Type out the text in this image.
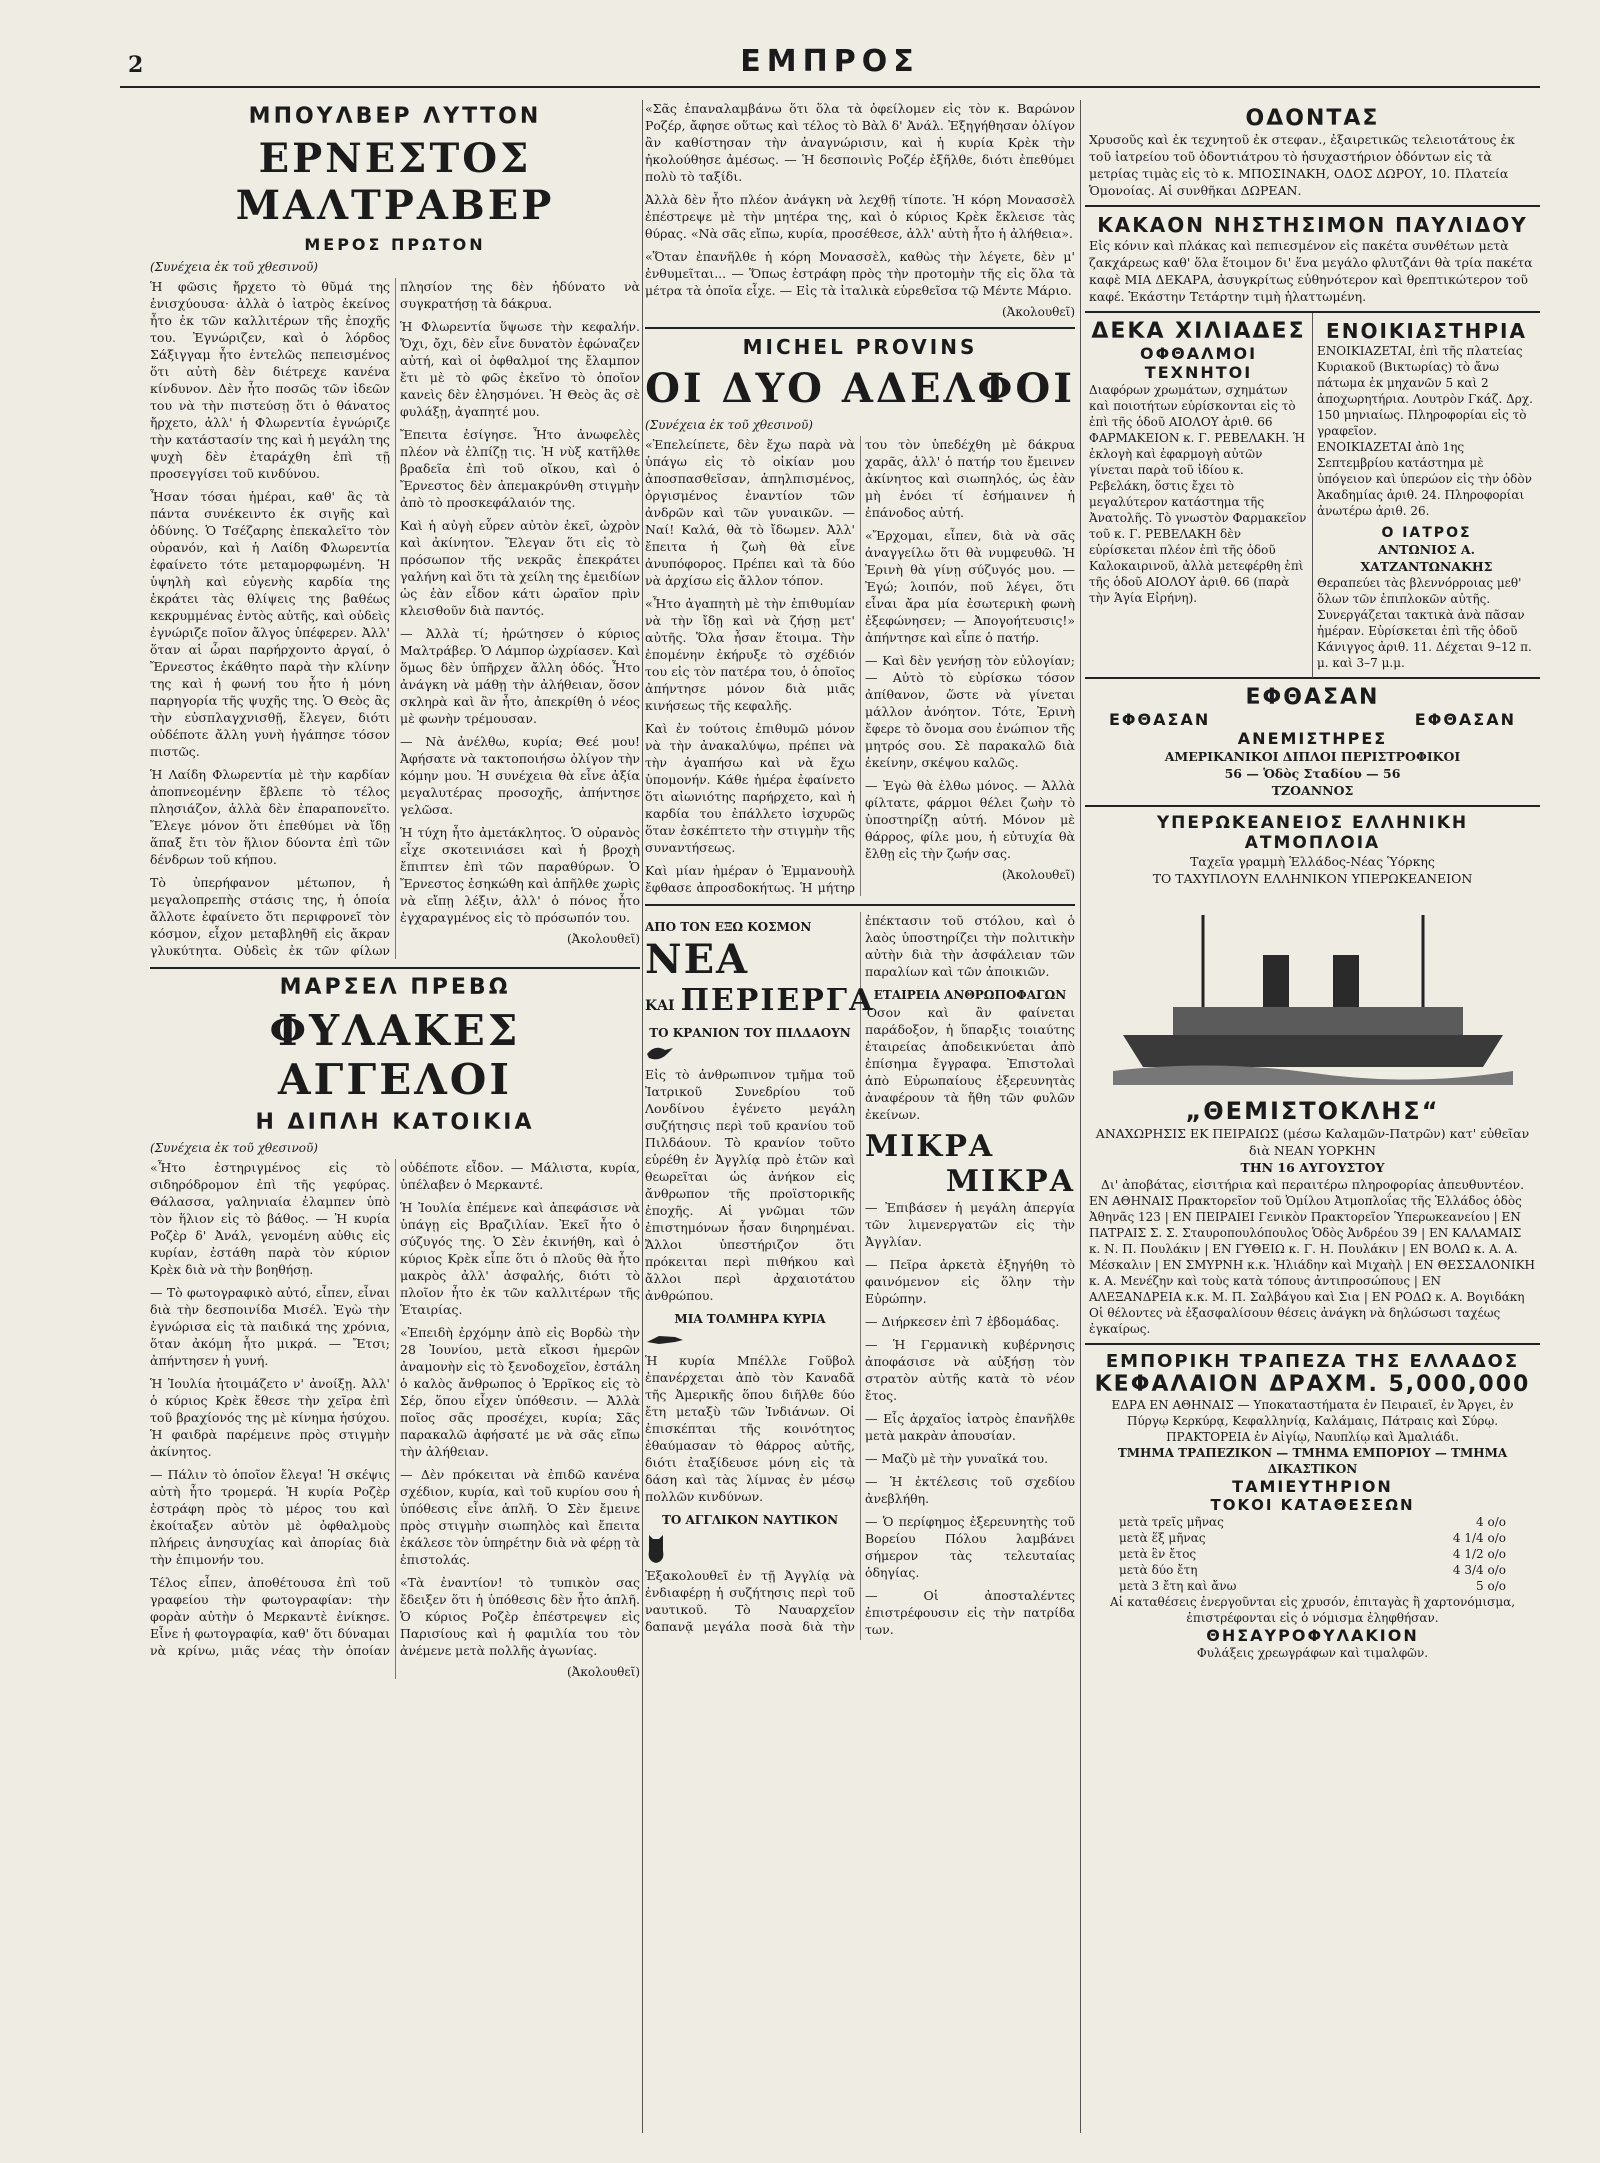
2	ΕΜΠΡΟΣ
ΜΠΟΥΛΒΕΡ ΛΥΤΤΟΝ
ΕΡΝΕΣΤΟΣ ΜΑΛΤΡΑΒΕΡ
ΜΕΡΟΣ ΠΡΩΤΟΝ

(Συνέχεια ἐκ τοῦ χθεσινοῦ)

Ἡ φῶσις ἤρχετο τὸ θῦμά της ἐνισχύουσα· ἀλλὰ ὁ ἰατρὸς ἐκείνος ἦτο ἐκ τῶν καλλιτέρων τῆς ἐποχῆς του. Ἐγνώριζεν, καὶ ὁ λόρδος Σάξιγγαμ ἦτο ἐντελῶς πεπεισμένος ὅτι αὐτὴ δὲν διέτρεχε κανένα κίνδυνον. Δὲν ἦτο ποσῶς τῶν ἰδεῶν του νὰ τὴν πιστεύσῃ ὅτι ὁ θάνατος ἤρχετο, ἀλλ' ἡ Φλωρεντία ἐγνώριζε τὴν κατάστασίν της καὶ ἡ μεγάλη της ψυχὴ δὲν ἐταράχθη ἐπὶ τῇ προσεγγίσει τοῦ κινδύνου.

Ἦσαν τόσαι ἡμέραι, καθ' ἃς τὰ πάντα συνέκειντο ἐκ σιγῆς καὶ ὀδύνης. Ὁ Τσέζαρης ἐπεκαλεῖτο τὸν οὐρανόν, καὶ ἡ Λαίδη Φλωρεντία ἐφαίνετο τότε μεταμορφωμένη. Ἡ ὑψηλὴ καὶ εὐγενὴς καρδία της ἐκράτει τὰς θλίψεις της βαθέως κεκρυμμένας ἐντὸς αὐτῆς, καὶ οὐδεὶς ἐγνώριζε ποῖον ἄλγος ὑπέφερεν. Ἀλλ' ὅταν αἱ ὧραι παρήρχοντο ἀργαί, ὁ Ἔρνεστος ἐκάθητο παρὰ τὴν κλίνην της καὶ ἡ φωνή του ἦτο ἡ μόνη παρηγορία τῆς ψυχῆς της. Ὁ Θεὸς ἂς τὴν εὐσπλαγχνισθῇ, ἔλεγεν, διότι οὐδέποτε ἄλλη γυνὴ ἠγάπησε τόσον πιστῶς.

Ἡ Λαίδη Φλωρεντία μὲ τὴν καρδίαν ἀποπνεομένην ἔβλεπε τὸ τέλος πλησιάζον, ἀλλὰ δὲν ἐπαραπονεῖτο. Ἔλεγε μόνον ὅτι ἐπεθύμει νὰ ἴδῃ ἅπαξ ἔτι τὸν ἥλιον δύοντα ἐπὶ τῶν δένδρων τοῦ κήπου.

Τὸ ὑπερήφανον μέτωπον, ἡ μεγαλοπρεπὴς στάσις της, ἡ ὁποία ἄλλοτε ἐφαίνετο ὅτι περιφρονεῖ τὸν κόσμον, εἶχον μεταβληθῆ εἰς ἄκραν γλυκύτητα. Οὐδεὶς ἐκ τῶν φίλων πλησίον της δὲν ἠδύνατο νὰ συγκρατήσῃ τὰ δάκρυα.

Ἡ Φλωρεντία ὕψωσε τὴν κεφαλήν. Ὄχι, ὄχι, δὲν εἶνε δυνατὸν ἐφώναζεν αὐτή, καὶ οἱ ὀφθαλμοί της ἔλαμπον ἔτι μὲ τὸ φῶς ἐκεῖνο τὸ ὁποῖον κανεὶς δὲν ἐλησμόνει. Ἡ Θεὸς ἂς σὲ φυλάξῃ, ἀγαπητέ μου.

Ἔπειτα ἐσίγησε. Ἦτο ἀνωφελὲς πλέον νὰ ἐλπίζῃ τις. Ἡ νὺξ κατῆλθε βραδεῖα ἐπὶ τοῦ οἴκου, καὶ ὁ Ἔρνεστος δὲν ἀπεμακρύνθη στιγμὴν ἀπὸ τὸ προσκεφάλαιόν της.

Καὶ ἡ αὐγὴ εὗρεν αὐτὸν ἐκεῖ, ὠχρὸν καὶ ἀκίνητον. Ἔλεγαν ὅτι εἰς τὸ πρόσωπον τῆς νεκρᾶς ἐπεκράτει γαλήνη καὶ ὅτι τὰ χείλη της ἐμειδίων ὡς ἐὰν εἶδον κάτι ὡραῖον πρὶν κλεισθοῦν διὰ παντός.

— Ἀλλὰ τί; ἠρώτησεν ὁ κύριος Μαλτράβερ. Ὁ Λάμπορ ὠχρίασεν. Καὶ ὅμως δὲν ὑπῆρχεν ἄλλη ὁδός. Ἦτο ἀνάγκη νὰ μάθῃ τὴν ἀλήθειαν, ὅσον σκληρὰ καὶ ἂν ἦτο, ἀπεκρίθη ὁ νέος μὲ φωνὴν τρέμουσαν.

— Νὰ ἀνέλθω, κυρία; Θεέ μου! Ἀφήσατε νὰ τακτοποιήσω ὀλίγον τὴν κόμην μου. Ἡ συνέχεια θὰ εἶνε ἀξία μεγαλυτέρας προσοχῆς, ἀπήντησε γελῶσα.

Ἡ τύχη ἦτο ἀμετάκλητος. Ὁ οὐρανὸς εἶχε σκοτεινιάσει καὶ ἡ βροχὴ ἔπιπτεν ἐπὶ τῶν παραθύρων. Ὁ Ἔρνεστος ἐσηκώθη καὶ ἀπῆλθε χωρὶς νὰ εἴπῃ λέξιν, ἀλλ' ὁ πόνος ἦτο ἐγχαραγμένος εἰς τὸ πρόσωπόν του.

(Ἀκολουθεῖ)

ΜΑΡΣΕΛ ΠΡΕΒΩ
ΦΥΛΑΚΕΣ ΑΓΓΕΛΟΙ
Η ΔΙΠΛΗ ΚΑΤΟΙΚΙΑ

(Συνέχεια ἐκ τοῦ χθεσινοῦ)

«Ἦτο ἐστηριγμένος εἰς τὸ σιδηρόδρομον ἐπὶ τῆς γεφύρας. Θάλασσα, γαληνιαία ἐλαμπεν ὑπὸ τὸν ἥλιον εἰς τὸ βάθος. — Ἡ κυρία Ροζὲρ δ' Ἀνάλ, γενομένη αὐθις εἰς κυρίαν, ἐστάθη παρὰ τὸν κύριον Κρὲκ διὰ νὰ τὴν βοηθήσῃ.

— Τὸ φωτογραφικὸ αὐτό, εἶπεν, εἶναι διὰ τὴν δεσποινίδα Μισέλ. Ἐγὼ τὴν ἐγνώρισα εἰς τὰ παιδικά της χρόνια, ὅταν ἀκόμη ἦτο μικρά. — Ἔτσι; ἀπήντησεν ἡ γυνή.

Ἡ Ἰουλία ἠτοιμάζετο ν' ἀνοίξῃ. Ἀλλ' ὁ κύριος Κρὲκ ἔθεσε τὴν χεῖρα ἐπὶ τοῦ βραχίονός της μὲ κίνημα ἡσύχου. Ἡ φαιδρὰ παρέμεινε πρὸς στιγμὴν ἀκίνητος.

— Πάλιν τὸ ὁποῖον ἔλεγα! Ἡ σκέψις αὐτὴ ἦτο τρομερά. Ἡ κυρία Ροζὲρ ἐστράφη πρὸς τὸ μέρος του καὶ ἐκοίταξεν αὐτὸν μὲ ὀφθαλμοὺς πλήρεις ἀνησυχίας καὶ ἀπορίας διὰ τὴν ἐπιμονήν του.

Τέλος εἶπεν, ἀποθέτουσα ἐπὶ τοῦ γραφείου τὴν φωτογραφίαν: τὴν φορὰν αὐτὴν ὁ Μερκαντὲ ἐνίκησε. Εἶνε ἡ φωτογραφία, καθ' ὅτι δύναμαι νὰ κρίνω, μιᾶς νέας τὴν ὁποίαν οὐδέποτε εἶδον. — Μάλιστα, κυρία, ὑπέλαβεν ὁ Μερκαντέ.

Ἡ Ἰουλία ἐπέμενε καὶ ἀπεφάσισε νὰ ὑπάγῃ εἰς Βραζιλίαν. Ἐκεῖ ἦτο ὁ σύζυγός της. Ὁ Σὲν ἐκινήθη, καὶ ὁ κύριος Κρὲκ εἶπε ὅτι ὁ πλοῦς θὰ ἦτο μακρὸς ἀλλ' ἀσφαλής, διότι τὸ πλοῖον ἦτο ἐκ τῶν καλλιτέρων τῆς Ἑταιρίας.

«Ἐπειδὴ ἐρχόμην ἀπὸ εἰς Βορδὼ τὴν 28 Ἰουνίου, μετὰ εἴκοσι ἡμερῶν ἀναμονὴν εἰς τὸ ξενοδοχεῖον, ἐστάλη ὁ καλὸς ἄνθρωπος ὁ Ἐρρῖκος εἰς τὸ Σέρ, ὅπου εἶχεν ὑπόθεσιν. — Ἀλλὰ ποῖος σᾶς προσέχει, κυρία; Σᾶς παρακαλῶ ἀφήσατέ με νὰ σᾶς εἴπω τὴν ἀλήθειαν.

— Δὲν πρόκειται νὰ ἐπιδῶ κανένα σχέδιον, κυρία, καὶ τοῦ κυρίου σου ἡ ὑπόθεσις εἶνε ἁπλῆ. Ὁ Σὲν ἔμεινε πρὸς στιγμὴν σιωπηλὸς καὶ ἔπειτα ἐκάλεσε τὸν ὑπηρέτην διὰ νὰ φέρῃ τὰ ἐπιστολάς.

«Τὰ ἐναντίον! τὸ τυπικὸν σας ἔδειξεν ὅτι ἡ ὑπόθεσις δὲν ἦτο ἁπλῆ. Ὁ κύριος Ροζὲρ ἐπέστρεψεν εἰς Παρισίους καὶ ἡ φαμιλία του τὸν ἀνέμενε μετὰ πολλῆς ἀγωνίας.

(Ἀκολουθεῖ)

«Σᾶς ἐπαναλαμβάνω ὅτι ὅλα τὰ ὀφείλομεν εἰς τὸν κ. Βαρώνον Ροζέρ, ἄφησε οὕτως καὶ τέλος τὸ Βὰλ δ' Ἀνάλ. Ἐξηγήθησαν ὀλίγον ἂν καθίστησαν τὴν ἀναγνώρισιν, καὶ ἡ κυρία Κρὲκ τὴν ἠκολούθησε ἀμέσως. — Ἡ δεσποινὶς Ροζέρ ἐξῆλθε, διότι ἐπεθύμει πολὺ τὸ ταξίδι.

Ἀλλὰ δὲν ἦτο πλέον ἀνάγκη νὰ λεχθῇ τίποτε. Ἡ κόρη Μονασσὲλ ἐπέστρεψε μὲ τὴν μητέρα της, καὶ ὁ κύριος Κρὲκ ἔκλεισε τὰς θύρας. «Νὰ σᾶς εἴπω, κυρία, προσέθεσε, ἀλλ' αὐτὴ ἦτο ἡ ἀλήθεια».

«Ὅταν ἐπανῆλθε ἡ κόρη Μονασσὲλ, καθὼς τὴν λέγετε, δὲν μ' ἐνθυμεῖται... — Ὅπως ἐστράφη πρὸς τὴν προτομὴν τῆς εἰς ὅλα τὰ μέτρα τὰ ὁποῖα εἶχε. — Εἰς τὰ ἰταλικὰ εὑρεθεῖσα τῷ Μέντε Μάριο.

(Ἀκολουθεῖ)

MICHEL PROVINS
ΟΙ ΔΥΟ ΑΔΕΛΦΟΙ

(Συνέχεια ἐκ τοῦ χθεσινοῦ)

«Ἐπελείπετε, δὲν ἔχω παρὰ νὰ ὑπάγω εἰς τὸ οἰκίαν μου ἀποσπασθεῖσαν, ἀπηλπισμένος, ὀργισμένος ἐναντίον τῶν ἀνδρῶν καὶ τῶν γυναικῶν. — Ναί! Καλά, θὰ τὸ ἴδωμεν. Ἀλλ' ἔπειτα ἡ ζωὴ θὰ εἶνε ἀνυπόφορος. Πρέπει καὶ τὰ δύο νὰ ἀρχίσω εἰς ἄλλον τόπον.

«Ἦτο ἀγαπητὴ μὲ τὴν ἐπιθυμίαν νὰ τὴν ἴδῃ καὶ νὰ ζήσῃ μετ' αὐτῆς. Ὅλα ἦσαν ἕτοιμα. Τὴν ἑπομένην ἐκήρυξε τὸ σχέδιόν του εἰς τὸν πατέρα του, ὁ ὁποῖος ἀπήντησε μόνον διὰ μιᾶς κινήσεως τῆς κεφαλῆς.

Καὶ ἐν τούτοις ἐπιθυμῶ μόνον νὰ τὴν ἀνακαλύψω, πρέπει νὰ τὴν ἀγαπήσω καὶ νὰ ἔχω ὑπομονήν. Κάθε ἡμέρα ἐφαίνετο ὅτι αἰωνιότης παρήρχετο, καὶ ἡ καρδία του ἐπάλλετο ἰσχυρῶς ὅταν ἐσκέπτετο τὴν στιγμὴν τῆς συναντήσεως.

Καὶ μίαν ἡμέραν ὁ Ἐμμανουὴλ ἔφθασε ἀπροσδοκήτως. Ἡ μήτηρ του τὸν ὑπεδέχθη μὲ δάκρυα χαρᾶς, ἀλλ' ὁ πατήρ του ἔμεινεν ἀκίνητος καὶ σιωπηλός, ὡς ἐὰν μὴ ἐνόει τί ἐσήμαινεν ἡ ἐπάνοδος αὐτή.

«Ἔρχομαι, εἶπεν, διὰ νὰ σᾶς ἀναγγείλω ὅτι θὰ νυμφευθῶ. Ἡ Ἐρινὴ θὰ γίνῃ σύζυγός μου. — Ἐγώ; λοιπόν, ποῦ λέγει, ὅτι εἶναι ἄρα μία ἐσωτερικὴ φωνὴ ἐξεφώνησεν; — Ἀπογοήτευσις!» ἀπήντησε καὶ εἶπε ὁ πατήρ.

— Καὶ δὲν γενήσῃ τὸν εὐλογίαν; — Αὐτὸ τὸ εὐρίσκω τόσον ἀπίθανον, ὥστε νὰ γίνεται μάλλον ἀνόητον. Τότε, Ἐρινὴ ἔφερε τὸ ὄνομα σου ἐνώπιον τῆς μητρός σου. Σὲ παρακαλῶ διὰ ἐκείνην, σκέψου καλῶς.

— Ἐγὼ θὰ ἐλθω μόνος. — Ἀλλὰ φίλτατε, φάρμοι θέλει ζωὴν τὸ ὑποστηρίζῃ αὐτή. Μόνον μὲ θάρρος, φίλε μου, ἡ εὐτυχία θὰ ἔλθῃ εἰς τὴν ζωήν σας.

(Ἀκολουθεῖ)

ΑΠΟ ΤΟΝ ΕΞΩ ΚΟΣΜΟΝ
ΝΕΑ
ΚΑΙ ΠΕΡΙΕΡΓΑ
ΤΟ ΚΡΑΝΙΟΝ ΤΟΥ ΠΙΛΔΑΟΥΝ

Εἰς τὸ ἀνθρωπινον τμῆμα τοῦ Ἰατρικοῦ Συνεδρίου τοῦ Λονδίνου ἐγένετο μεγάλη συζήτησις περὶ τοῦ κρανίου τοῦ Πιλδάουν. Τὸ κρανίον τοῦτο εὑρέθη ἐν Ἀγγλίᾳ πρὸ ἐτῶν καὶ θεωρεῖται ὡς ἀνήκον εἰς ἄνθρωπον τῆς προϊστορικῆς ἐποχῆς. Αἱ γνῶμαι τῶν ἐπιστημόνων ἦσαν διηρημέναι. Ἄλλοι ὑπεστήριζον ὅτι πρόκειται περὶ πιθήκου καὶ ἄλλοι περὶ ἀρχαιοτάτου ἀνθρώπου.

ΜΙΑ ΤΟΛΜΗΡΑ ΚΥΡΙΑ

Ἡ κυρία Μπέλλε Γοῦβολ ἐπανέρχεται ἀπὸ τὸν Καναδᾶ τῆς Ἀμερικῆς ὅπου διῆλθε δύο ἔτη μεταξὺ τῶν Ἰνδιάνων. Οἱ ἐπισκέπται τῆς κοινότητος ἐθαύμασαν τὸ θάρρος αὐτῆς, διότι ἐταξίδευσε μόνη εἰς τὰ δάση καὶ τὰς λίμνας ἐν μέσῳ πολλῶν κινδύνων.

ΤΟ ΑΓΓΛΙΚΟΝ ΝΑΥΤΙΚΟΝ

Ἐξακολουθεῖ ἐν τῇ Ἀγγλίᾳ νὰ ἐνδιαφέρῃ ἡ συζήτησις περὶ τοῦ ναυτικοῦ. Τὸ Ναυαρχεῖον δαπανᾷ μεγάλα ποσὰ διὰ τὴν ἐπέκτασιν τοῦ στόλου, καὶ ὁ λαὸς ὑποστηρίζει τὴν πολιτικὴν αὐτὴν διὰ τὴν ἀσφάλειαν τῶν παραλίων καὶ τῶν ἀποικιῶν.

ΕΤΑΙΡΕΙΑ ΑΝΘΡΩΠΟΦΑΓΩΝ

Ὅσον καὶ ἂν φαίνεται παράδοξον, ἡ ὕπαρξις τοιαύτης ἑταιρείας ἀποδεικνύεται ἀπὸ ἐπίσημα ἔγγραφα. Ἐπιστολαὶ ἀπὸ Εὐρωπαίους ἐξερευνητὰς ἀναφέρουν τὰ ἤθη τῶν φυλῶν ἐκείνων.

ΜΙΚΡΑ
ΜΙΚΡΑ

— Ἐπιβάσεν ἡ μεγάλη ἀπεργία τῶν λιμενεργατῶν εἰς τὴν Ἀγγλίαν.

— Πεῖρα ἀρκετὰ ἐξηγήθη τὸ φαινόμενον εἰς ὅλην τὴν Εὐρώπην.

— Διήρκεσεν ἐπὶ 7 ἑβδομάδας.

— Ἡ Γερμανικὴ κυβέρνησις ἀποφάσισε νὰ αὐξήσῃ τὸν στρατὸν αὐτῆς κατὰ τὸ νέον ἔτος.

— Εἷς ἀρχαῖος ἰατρὸς ἐπανῆλθε μετὰ μακρὰν ἀπουσίαν.

— Μαζὺ μὲ τὴν γυναῖκά του.

— Ἡ ἐκτέλεσις τοῦ σχεδίου ἀνεβλήθη.

— Ὁ περίφημος ἐξερευνητὴς τοῦ Βορείου Πόλου λαμβάνει σήμερον τὰς τελευταίας ὁδηγίας.

— Οἱ ἀποσταλέντες ἐπιστρέφουσιν εἰς τὴν πατρίδα των.

ΟΔΟΝΤΑΣ
Χρυσοῦς καὶ ἐκ τεχνητοῦ ἐκ στεφαν., ἐξαιρετικῶς τελειοτάτους ἐκ τοῦ ἰατρείου τοῦ ὀδοντιάτρου τὸ ἡσυχαστήριον ὀδόντων εἰς τὰ μετρίας τιμὰς εἰς τὸ κ. ΜΠΟΣΙΝΑΚΗ, ΟΔΟΣ ΔΩΡΟΥ, 10. Πλατεία Ὁμονοίας. Αἱ συνθῆκαι ΔΩΡΕΑΝ.
ΚΑΚΑΟΝ ΝΗΣΤΗΣΙΜΟΝ ΠΑΥΛΙΔΟΥ
Εἰς κόνιν καὶ πλάκας καὶ πεπιεσμένον εἰς πακέτα συνθέτων μετὰ ζακχάρεως καθ' ὅλα ἕτοιμον δι' ἕνα μεγάλο φλυτζάνι θὰ τρία πακέτα καφὲ ΜΙΑ ΔΕΚΑΡΑ, ἀσυγκρίτως εὐθηνότερον καὶ θρεπτικώτερον τοῦ καφέ. Ἑκάστην Τετάρτην τιμὴ ἡλαττωμένη.
ΔΕΚΑ ΧΙΛΙΑΔΕΣ
ΟΦΘΑΛΜΟΙ ΤΕΧΝΗΤΟΙ
Διαφόρων χρωμάτων, σχημάτων καὶ ποιοτήτων εὑρίσκονται εἰς τὸ ἐπὶ τῆς ὁδοῦ ΑΙΟΛΟΥ ἀριθ. 66 ΦΑΡΜΑΚΕΙΟΝ κ. Γ. ΡΕΒΕΛΑΚΗ. Ἡ ἐκλογὴ καὶ ἐφαρμογὴ αὐτῶν γίνεται παρὰ τοῦ ἰδίου κ. Ρεβελάκη, ὅστις ἔχει τὸ μεγαλύτερον κατάστημα τῆς Ἀνατολῆς. Τὸ γνωστὸν Φαρμακεῖον τοῦ κ. Γ. ΡΕΒΕΛΑΚΗ δὲν εὑρίσκεται πλέον ἐπὶ τῆς ὁδοῦ Καλοκαιρινοῦ, ἀλλὰ μετεφέρθη ἐπὶ τῆς ὁδοῦ ΑΙΟΛΟΥ ἀριθ. 66 (παρὰ τὴν Ἁγία Εἰρήνη).
ΕΝΟΙΚΙΑΣΤΗΡΙΑ
ΕΝΟΙΚΙΑΖΕΤΑΙ, ἐπὶ τῆς πλατείας Κυριακοῦ (Βικτωρίας) τὸ ἄνω πάτωμα ἐκ μηχανῶν 5 καὶ 2 ἀποχωρητήρια. Λουτρὸν Γκάζ. Δρχ. 150 μηνιαίως. Πληροφορίαι εἰς τὸ γραφεῖον.
ΕΝΟΙΚΙΑΖΕΤΑΙ ἀπὸ 1ης Σεπτεμβρίου κατάστημα μὲ ὑπόγειον καὶ ὑπερώον εἰς τὴν ὁδὸν Ἀκαδημίας ἀριθ. 24. Πληροφορίαι ἀνωτέρω ἀριθ. 26.
Ο ΙΑΤΡΟΣ
ΑΝΤΩΝΙΟΣ Α. ΧΑΤΖΑΝΤΩΝΑΚΗΣ
Θεραπεύει τὰς βλεννόρροιας μεθ' ὅλων τῶν ἐπιπλοκῶν αὐτῆς. Συνεργάζεται τακτικὰ ἀνὰ πᾶσαν ἡμέραν. Εὑρίσκεται ἐπὶ τῆς ὁδοῦ Κάνιγγος ἀριθ. 11. Δέχεται 9–12 π. μ. καὶ 3–7 μ.μ.
ΕΦΘΑΣΑΝ
ΕΦΘΑΣΑΝ	ΕΦΘΑΣΑΝ
ΑΝΕΜΙΣΤΗΡΕΣ
ΑΜΕΡΙΚΑΝΙΚΟΙ ΔΙΠΛΟΙ ΠΕΡΙΣΤΡΟΦΙΚΟΙ
56 — Ὁδὸς Σταδίου — 56
ΤΖΟΑΝΝΟΣ
ΥΠΕΡΩΚΕΑΝΕΙΟΣ ΕΛΛΗΝΙΚΗ ΑΤΜΟΠΛΟΙΑ
Ταχεῖα γραμμὴ Ἑλλάδος-Νέας Ὑόρκης
ΤΟ ΤΑΧΥΠΛΟΥΝ ΕΛΛΗΝΙΚΟΝ ΥΠΕΡΩΚΕΑΝΕΙΟΝ
„ΘΕΜΙΣΤΟΚΛΗΣ“
ΑΝΑΧΩΡΗΣΙΣ ΕΚ ΠΕΙΡΑΙΩΣ (μέσω Καλαμῶν-Πατρῶν) κατ' εὐθεῖαν διὰ ΝΕΑΝ ΥΟΡΚΗΝ
ΤΗΝ 16 ΑΥΓΟΥΣΤΟΥ
Δι' ἀποβάτας, εἰσιτήρια καὶ περαιτέρω πληροφορίας ἀπευθυντέον.
ΕΝ ΑΘΗΝΑΙΣ Πρακτορεῖον τοῦ Ὁμίλου Ἀτμοπλοΐας τῆς Ἑλλάδος ὁδὸς Ἀθηνᾶς 123 | ΕΝ ΠΕΙΡΑΙΕΙ Γενικὸν Πρακτορεῖον Ὑπερωκεανείου | ΕΝ ΠΑΤΡΑΙΣ Σ. Σ. Σταυροπουλόπουλος Ὁδὸς Ἀνδρέου 39 | ΕΝ ΚΑΛΑΜΑΙΣ κ. Ν. Π. Πουλάκιν | ΕΝ ΓΥΘΕΙΩ κ. Γ. Η. Πουλάκιν | ΕΝ ΒΟΛΩ κ. Α. Α. Μέσκαλιν | ΕΝ ΣΜΥΡΝΗ κ.κ. Ἠλιάδην καὶ Μιχαὴλ | ΕΝ ΘΕΣΣΑΛΟΝΙΚΗ κ. Α. Μενέζην καὶ τοὺς κατὰ τόπους ἀντιπροσώπους | ΕΝ ΑΛΕΞΑΝΔΡΕΙΑ κ.κ. Μ. Π. Σαλβάγου καὶ Σια | ΕΝ ΡΟΔΩ κ. Α. Βογιδάκη
Οἱ θέλοντες νὰ ἐξασφαλίσουν θέσεις ἀνάγκη νὰ δηλώσωσι ταχέως ἐγκαίρως.
ΕΜΠΟΡΙΚΗ ΤΡΑΠΕΖΑ ΤΗΣ ΕΛΛΑΔΟΣ
ΚΕΦΑΛΑΙΟΝ ΔΡΑΧΜ. 5,000,000
ΕΔΡΑ ΕΝ ΑΘΗΝΑΙΣ — Υποκαταστήματα ἐν Πειραιεῖ, ἐν Ἄργει, ἐν Πύργῳ Κερκύρᾳ, Κεφαλληνίᾳ, Καλάμαις, Πάτραις καὶ Σύρῳ.
ΠΡΑΚΤΟΡΕΙΑ ἐν Αἰγίῳ, Ναυπλίῳ καὶ Ἀμαλιάδι.
ΤΜΗΜΑ ΤΡΑΠΕΖΙΚΟΝ — ΤΜΗΜΑ ΕΜΠΟΡΙΟΥ — ΤΜΗΜΑ ΔΙΚΑΣΤΙΚΟΝ
ΤΑΜΙΕΥΤΗΡΙΟΝ
ΤΟΚΟΙ ΚΑΤΑΘΕΣΕΩΝ
μετὰ τρεῖς μῆνας	4 ο/ο
μετὰ ἕξ μῆνας	4 1/4 ο/ο
μετὰ ἓν ἔτος	4 1/2 ο/ο
μετὰ δύο ἔτη	4 3/4 ο/ο
μετὰ 3 ἔτη καὶ ἄνω	5 ο/ο
Αἱ καταθέσεις ἐνεργοῦνται εἰς χρυσόν, ἐπιταγὰς ἢ χαρτονόμισμα, ἐπιστρέφονται εἰς ὁ νόμισμα ἐληφθήσαν.
ΘΗΣΑΥΡΟΦΥΛΑΚΙΟΝ
Φυλάξεις χρεωγράφων καὶ τιμαλφῶν.
